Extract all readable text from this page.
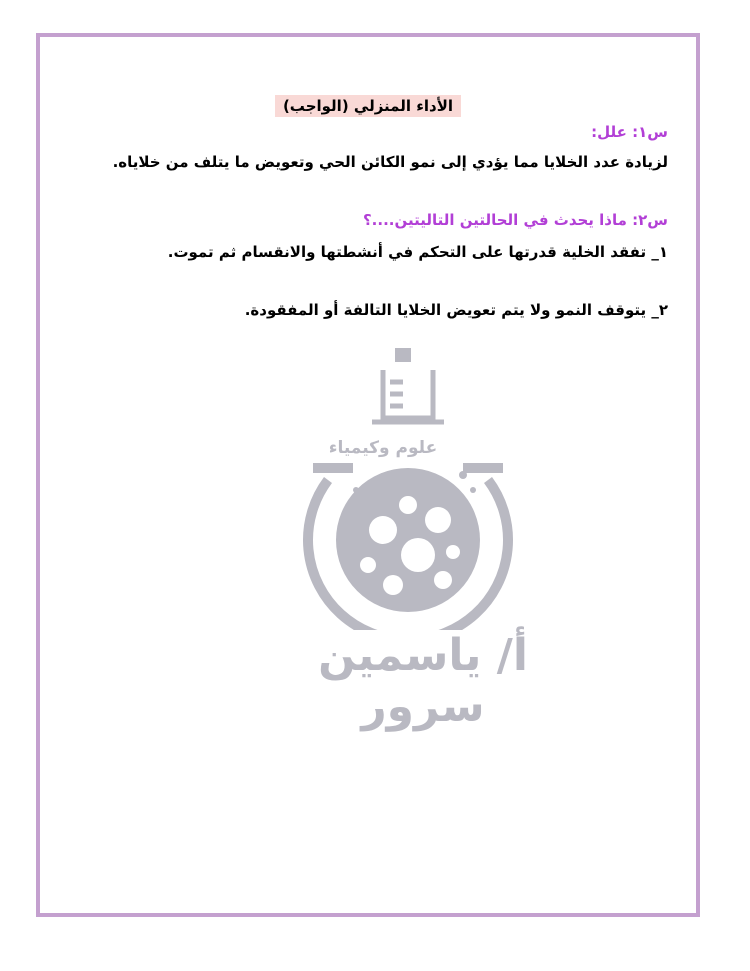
علوم وكيمياء
أ/ ياسمين سرور
الأداء المنزلي (الواجب)
س١: علل:
لزيادة عدد الخلايا مما يؤدي إلى نمو الكائن الحي وتعويض ما يتلف من خلاياه.
س٢: ماذا يحدث في الحالتين التاليتين....؟
١_ تفقد الخلية قدرتها على التحكم في أنشطتها والانقسام ثم تموت.
٢_ يتوقف النمو ولا يتم تعويض الخلايا التالفة أو المفقودة.
